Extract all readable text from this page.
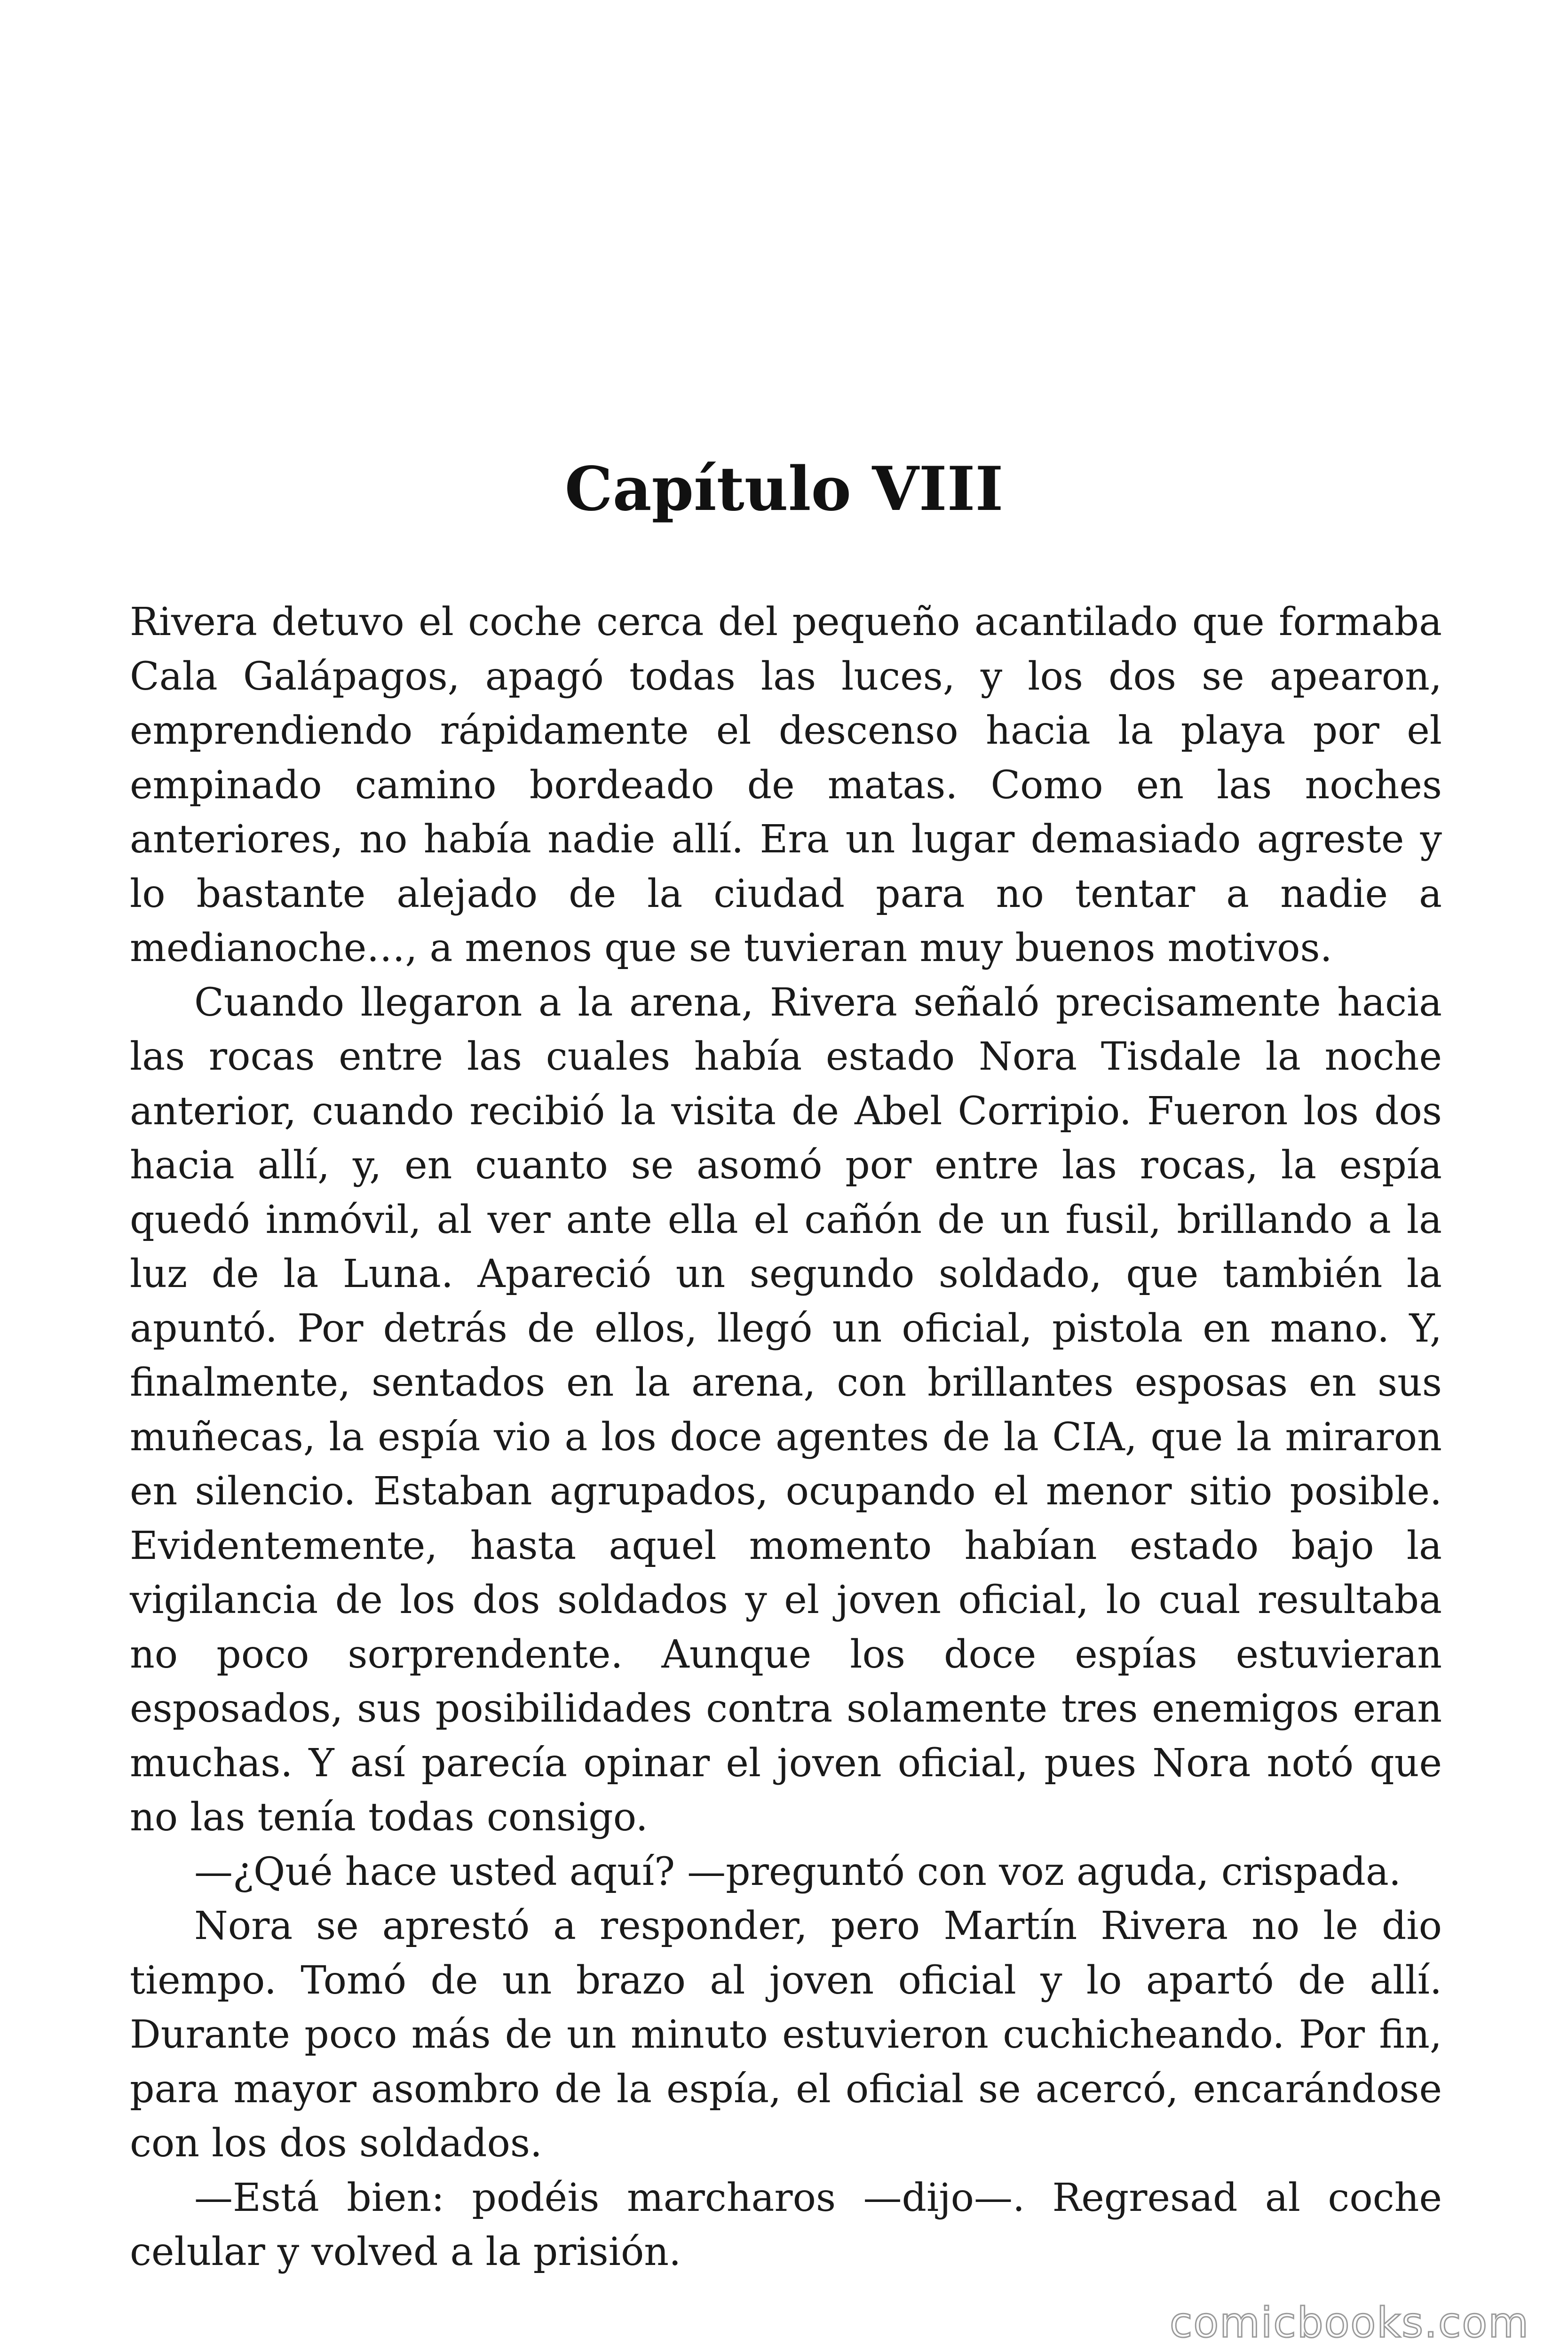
Capítulo VIII

Rivera detuvo el coche cerca del pequeño acantilado que formaba Cala Galápagos, apagó todas las luces, y los dos se apearon, emprendiendo rápidamente el descenso hacia la playa por el empinado camino bordeado de matas. Como en las noches anteriores, no había nadie allí. Era un lugar demasiado agreste y lo bastante alejado de la ciudad para no tentar a nadie a medianoche…, a menos que se tuvieran muy buenos motivos.

Cuando llegaron a la arena, Rivera señaló precisamente hacia las rocas entre las cuales había estado Nora Tisdale la noche anterior, cuando recibió la visita de Abel Corripio. Fueron los dos hacia allí, y, en cuanto se asomó por entre las rocas, la espía quedó inmóvil, al ver ante ella el cañón de un fusil, brillando a la luz de la Luna. Apareció un segundo soldado, que también la apuntó. Por detrás de ellos, llegó un oficial, pistola en mano. Y, finalmente, sentados en la arena, con brillantes esposas en sus muñecas, la espía vio a los doce agentes de la CIA, que la miraron en silencio. Estaban agrupados, ocupando el menor sitio posible. Evidentemente, hasta aquel momento habían estado bajo la vigilancia de los dos soldados y el joven oficial, lo cual resultaba no poco sorprendente. Aunque los doce espías estuvieran esposados, sus posibilidades contra solamente tres enemigos eran muchas. Y así parecía opinar el joven oficial, pues Nora notó que no las tenía todas consigo.

—¿Qué hace usted aquí? —preguntó con voz aguda, crispada.

Nora se aprestó a responder, pero Martín Rivera no le dio tiempo. Tomó de un brazo al joven oficial y lo apartó de allí. Durante poco más de un minuto estuvieron cuchicheando. Por fin, para mayor asombro de la espía, el oficial se acercó, encarándose con los dos soldados.

—Está bien: podéis marcharos —dijo—. Regresad al coche celular y volved a la prisión.

comicbooks.com
